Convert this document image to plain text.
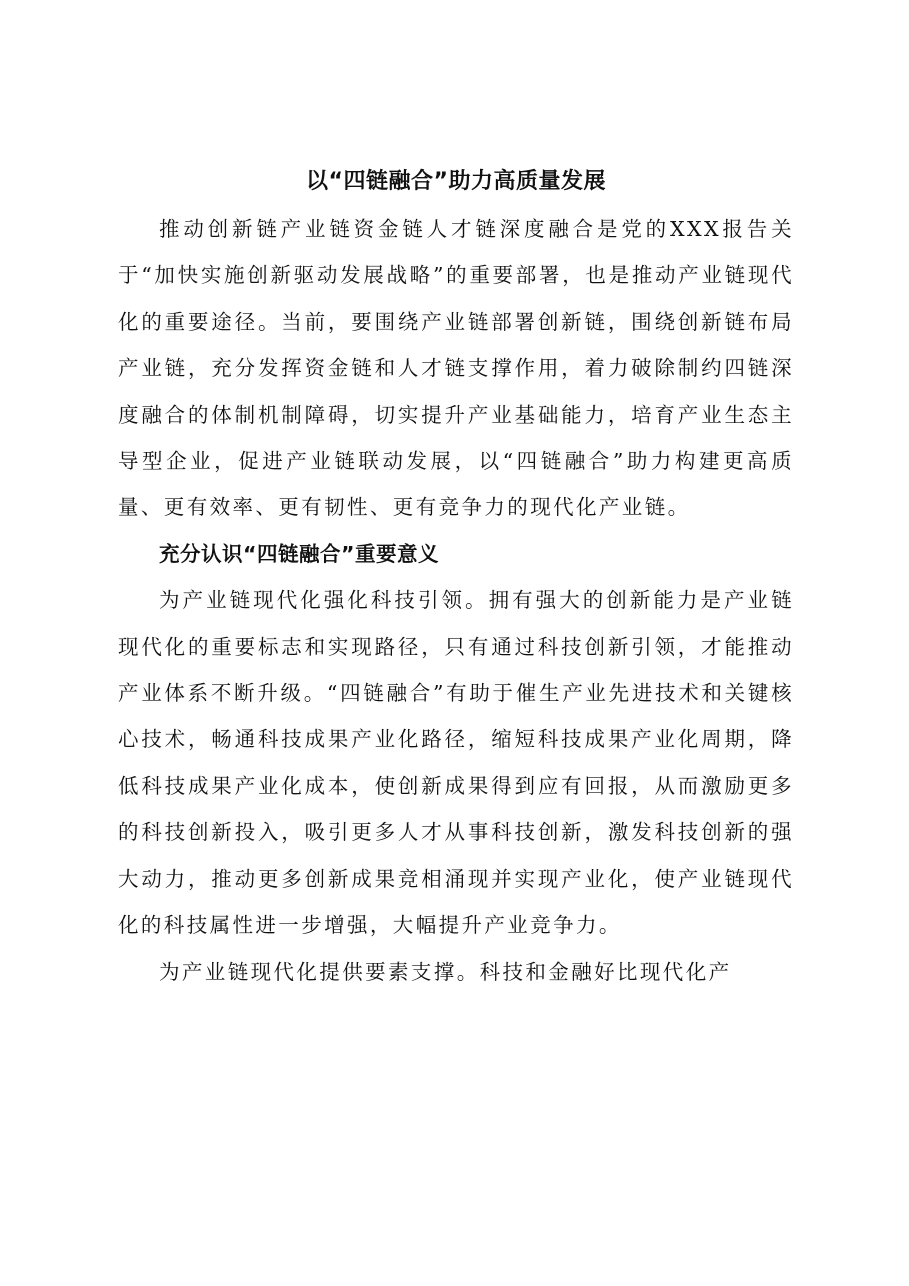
以“四链融合”助力高质量发展

推动创新链产业链资金链人才链深度融合是党的XXX报告关于“加快实施创新驱动发展战略”的重要部署，也是推动产业链现代化的重要途径。当前，要围绕产业链部署创新链，围绕创新链布局产业链，充分发挥资金链和人才链支撑作用，着力破除制约四链深度融合的体制机制障碍，切实提升产业基础能力，培育产业生态主导型企业，促进产业链联动发展，以“四链融合”助力构建更高质量、更有效率、更有韧性、更有竞争力的现代化产业链。

充分认识“四链融合”重要意义

为产业链现代化强化科技引领。拥有强大的创新能力是产业链现代化的重要标志和实现路径，只有通过科技创新引领，才能推动产业体系不断升级。“四链融合”有助于催生产业先进技术和关键核心技术，畅通科技成果产业化路径，缩短科技成果产业化周期，降低科技成果产业化成本，使创新成果得到应有回报，从而激励更多的科技创新投入，吸引更多人才从事科技创新，激发科技创新的强大动力，推动更多创新成果竞相涌现并实现产业化，使产业链现代化的科技属性进一步增强，大幅提升产业竞争力。

为产业链现代化提供要素支撑。科技和金融好比现代化产
